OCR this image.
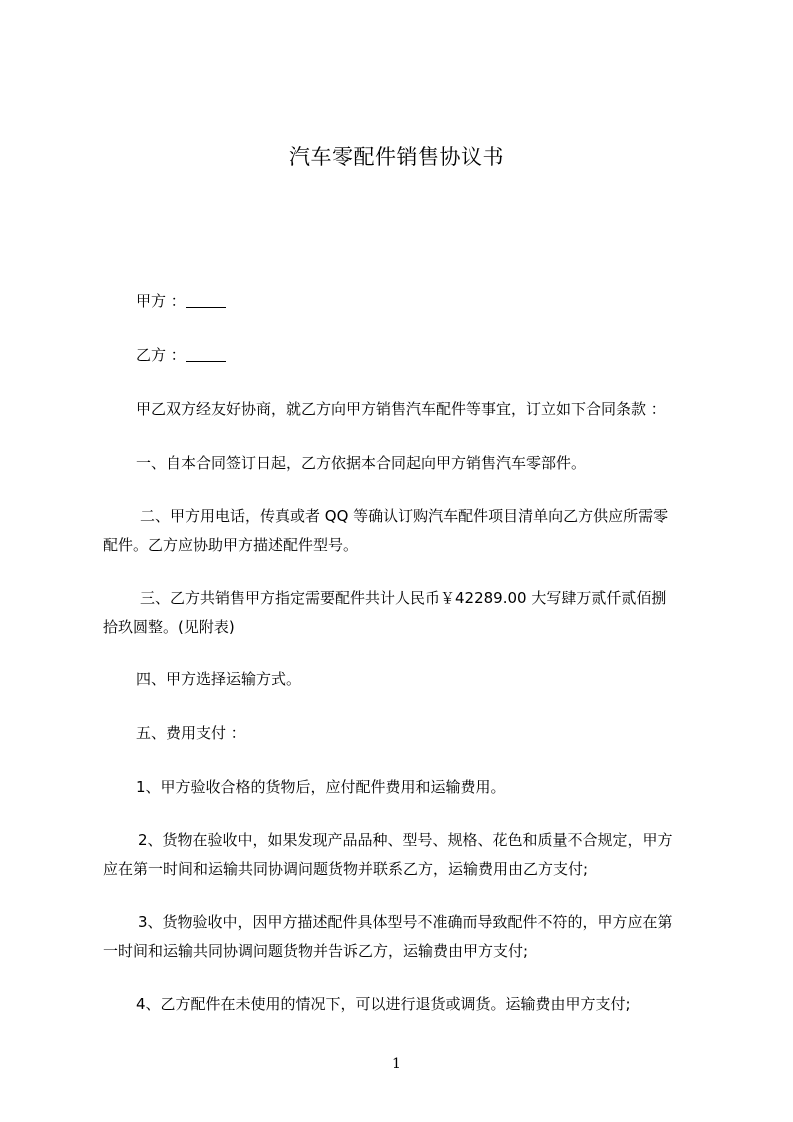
汽车零配件销售协议书
甲方 ：
乙方 ：
甲乙双方经友好协商，就乙方向甲方销售汽车配件等事宜，订立如下合同条款 ：
一、自本合同签订日起，乙方依据本合同起向甲方销售汽车零部件。
二、甲方用电话，传真或者 QQ 等确认订购汽车配件项目清单向乙方供应所需零
配件。乙方应协助甲方描述配件型号。
三、乙方共销售甲方指定需要配件共计人民币￥42289.00 大写肆万贰仟贰佰捌
拾玖圆整。(见附表)
四、甲方选择运输方式。
五、费用支付 ：
1、甲方验收合格的货物后，应付配件费用和运输费用。
2、货物在验收中，如果发现产品品种、型号、规格、花色和质量不合规定，甲方
应在第一时间和运输共同协调问题货物并联系乙方，运输费用由乙方支付;
3、货物验收中，因甲方描述配件具体型号不准确而导致配件不符的，甲方应在第
一时间和运输共同协调问题货物并告诉乙方，运输费由甲方支付;
4、乙方配件在未使用的情况下，可以进行退货或调货。运输费由甲方支付;
1
